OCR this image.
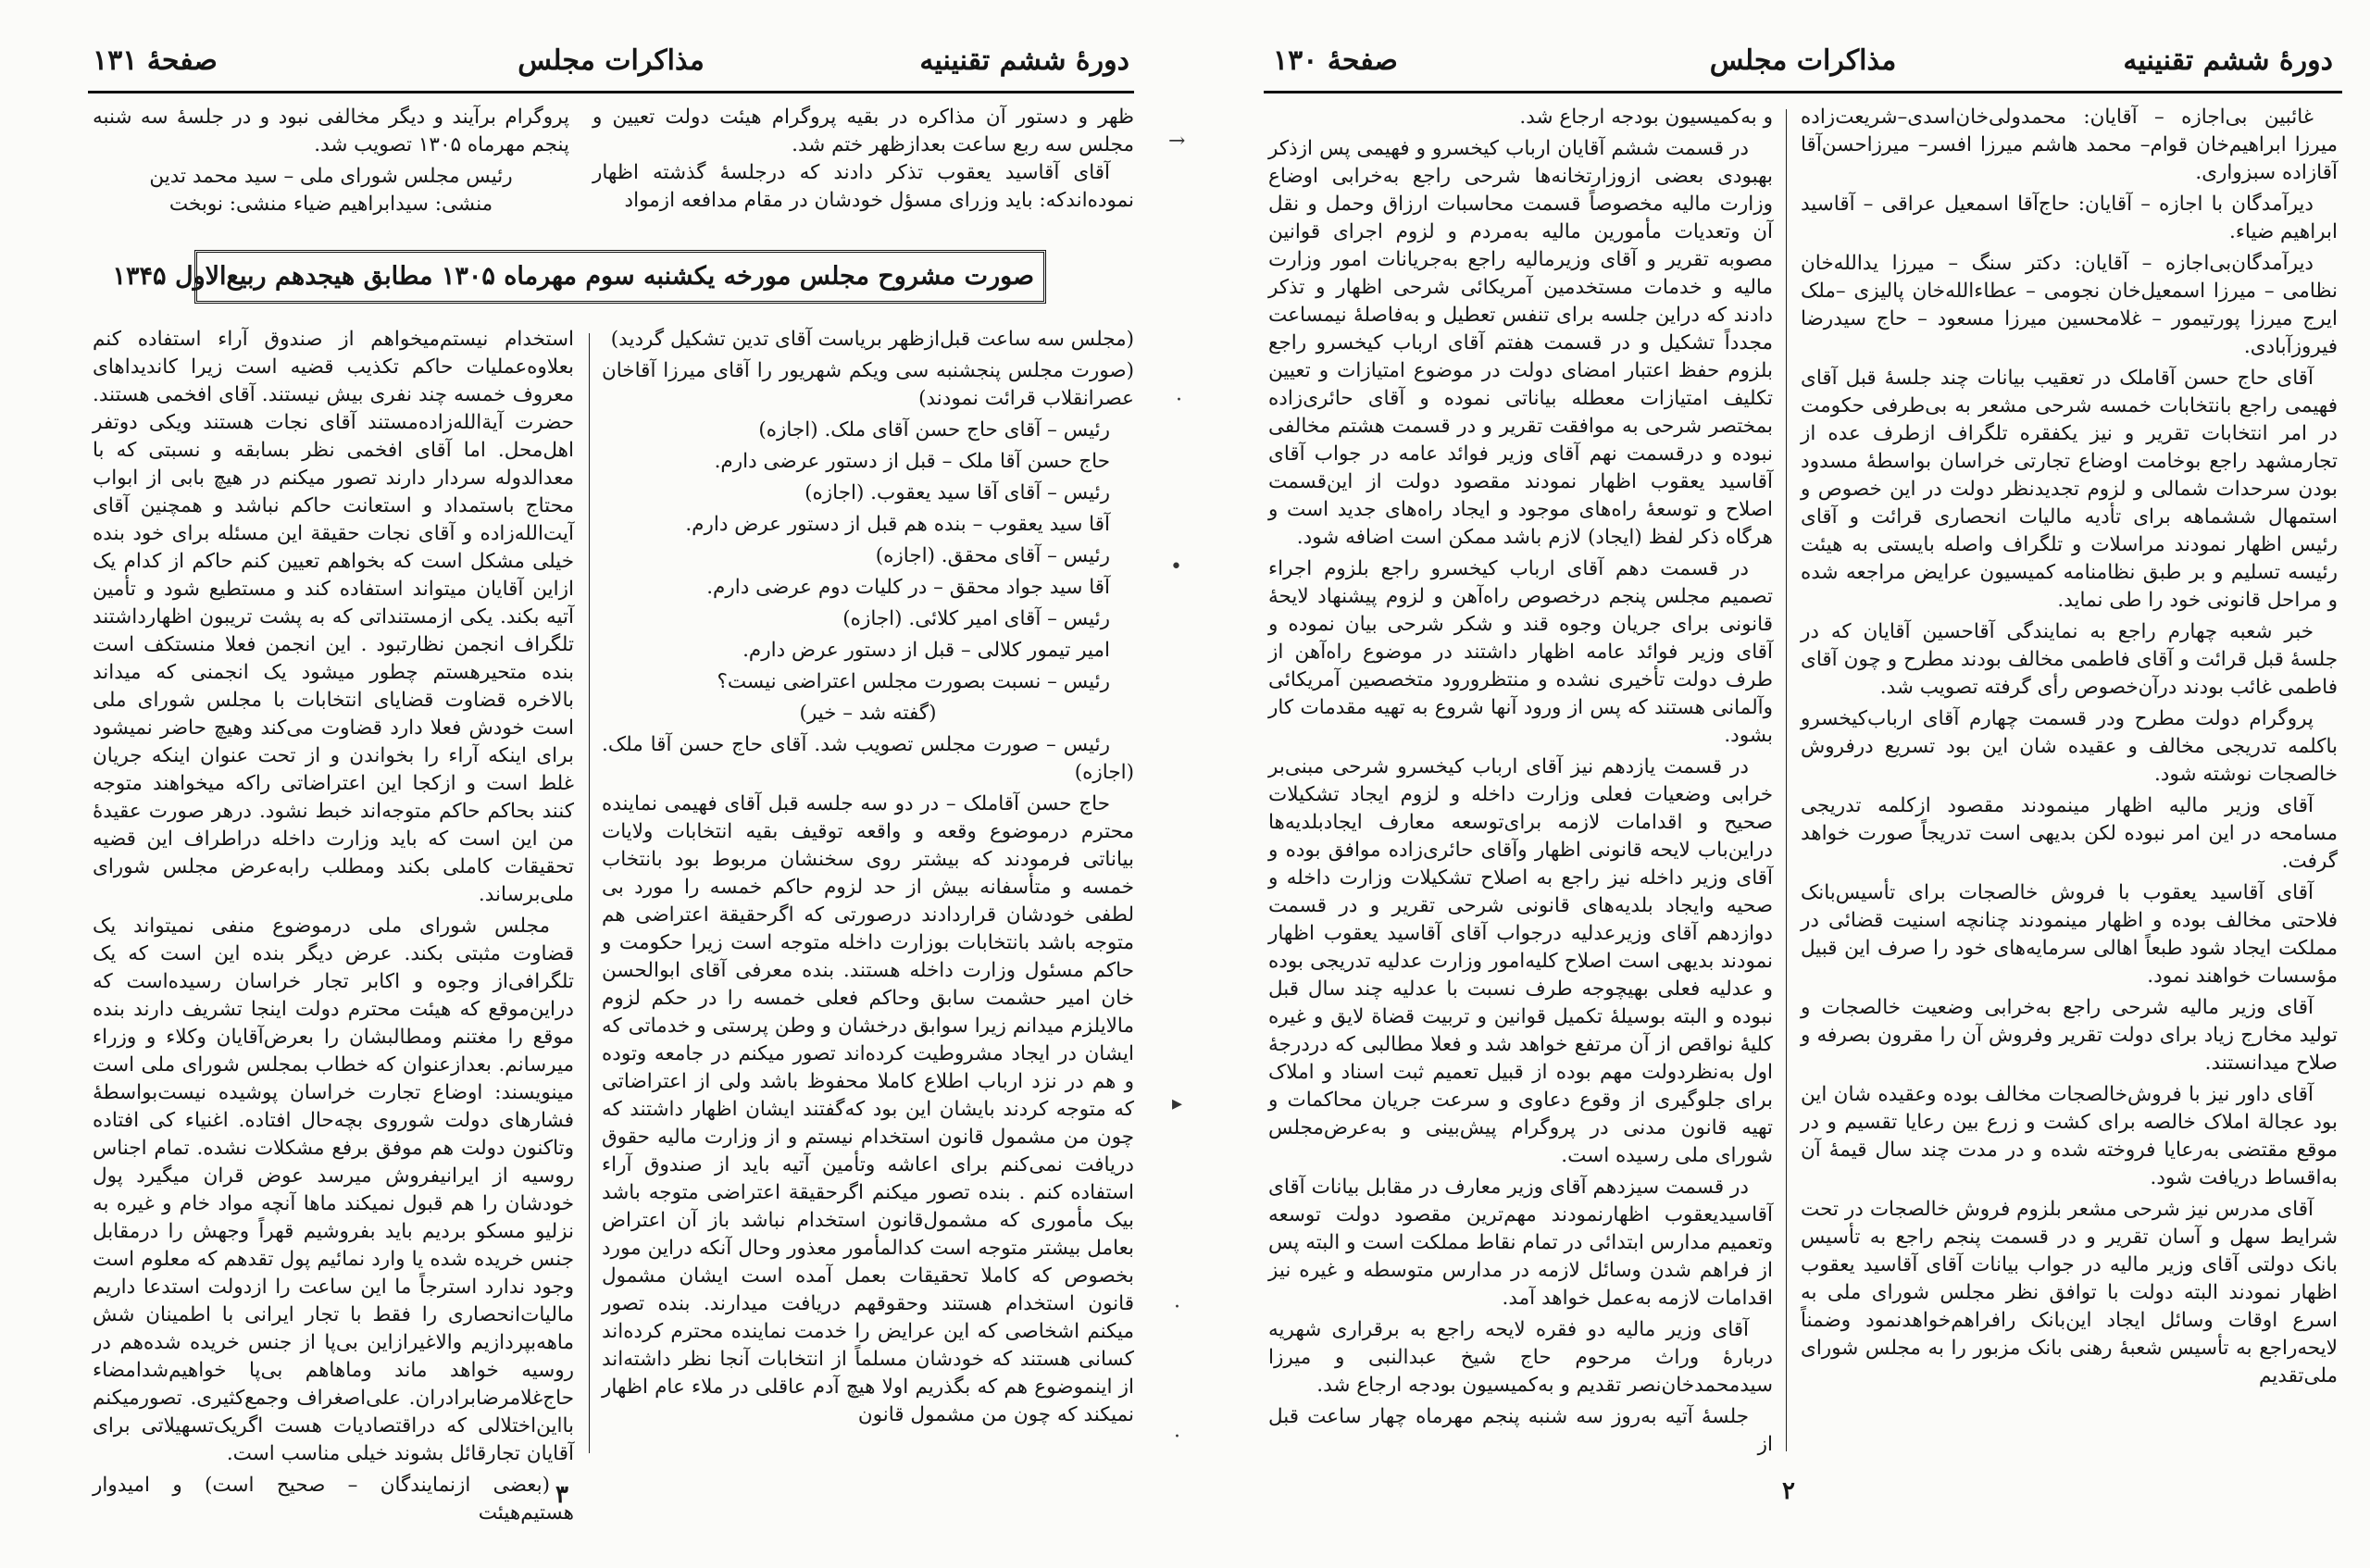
دورهٔ ششم تقنینیه
مذاکرات مجلس
صفحهٔ ۱۳۱
ظهر و دستور آن مذاکره در بقیه پروگرام هیئت دولت تعیین و مجلس سه ربع ساعت بعدازظهر ختم شد.
آقای آقاسید یعقوب تذکر دادند که درجلسهٔ گذشته اظهار نموده‌اندکه: باید وزرای مسؤل خودشان در مقام مدافعه ازمواد
پروگرام برآیند و دیگر مخالفی نبود و در جلسهٔ سه شنبه پنجم مهرماه ۱۳۰۵ تصویب شد.
رئیس مجلس شورای ملی – سید محمد تدین
منشی: سیدابراهیم ضیاء منشی: نوبخت
صورت مشروح مجلس مورخه یکشنبه سوم مهرماه ۱۳۰۵ مطابق هیجدهم ربیع‌الاول ۱۳۴۵

(مجلس سه ساعت قبل‌ازظهر بریاست آقای تدین تشکیل گردید)

(صورت مجلس پنجشنبه سی ویکم شهریور را آقای میرزا آقاخان عصرانقلاب قرائت نمودند)

رئیس – آقای حاج حسن آقای ملک. (اجازه)

حاج حسن آقا ملک – قبل از دستور عرضی دارم.

رئیس – آقای آقا سید یعقوب. (اجازه)

آقا سید یعقوب – بنده هم قبل از دستور عرض دارم.

رئیس – آقای محقق. (اجازه)

آقا سید جواد محقق – در کلیات دوم عرضی دارم.

رئیس – آقای امیر کلائی. (اجازه)

امیر تیمور کلالی – قبل از دستور عرض دارم.

رئیس – نسبت بصورت مجلس اعتراضی نیست؟

(گفته شد – خیر)

رئیس – صورت مجلس تصویب شد. آقای حاج حسن آقا ملک. (اجازه)

حاج حسن آقاملک – در دو سه جلسه قبل آقای فهیمی نماینده محترم درموضوع وقعه و واقعه توقیف بقیه انتخابات ولایات بیاناتی فرمودند که بیشتر روی سخنشان مربوط بود بانتخاب خمسه و متأسفانه بیش از حد لزوم حاکم خمسه را مورد بی لطفی خودشان قراردادند درصورتی که اگرحقیقة اعتراضی هم متوجه باشد بانتخابات بوزارت داخله متوجه است زیرا حکومت و حاکم مسئول وزارت داخله هستند. بنده معرفی آقای ابوالحسن خان امیر حشمت سابق وحاکم فعلی خمسه را در حکم لزوم مالایلزم میدانم زیرا سوابق درخشان و وطن پرستی و خدماتی که ایشان در ایجاد مشروطیت کرده‌اند تصور میکنم در جامعه وتوده و هم در نزد ارباب اطلاع کاملا محفوظ باشد ولی از اعتراضاتی که متوجه کردند بایشان این بود که‌گفتند ایشان اظهار داشتند که چون من مشمول قانون استخدام نیستم و از وزارت مالیه حقوق دریافت نمی‌کنم برای اعاشه وتأمین آتیه باید از صندوق آراء استفاده کنم . بنده تصور میکنم اگرحقیقة اعتراضی متوجه باشد بیک مأموری که مشمول‌قانون استخدام نباشد باز آن اعتراض بعامل بیشتر متوجه است کدالمأمور معذور وحال آنکه دراین مورد بخصوص که کاملا تحقیقات بعمل آمده است ایشان مشمول قانون استخدام هستند وحقوقهم دریافت میدارند. بنده تصور میکنم اشخاصی که این عرایض را خدمت نماینده محترم کرده‌اند کسانی هستند که خودشان مسلماً از انتخابات آنجا نظر داشته‌اند از اینموضوع هم که بگذریم اولا هیچ آدم عاقلی در ملاء عام اظهار نمیکند که چون من مشمول قانون

استخدام نیستم‌میخواهم از صندوق آراء استفاده کنم بعلاوه‌عملیات حاکم تکذیب قضیه است زیرا کاندیداهای معروف خمسه چند نفری بیش نیستند. آقای افخمی هستند. حضرت آیة‌الله‌زاده‌مستند آقای نجات هستند ویکی دوتفر اهل‌محل. اما آقای افخمی نظر بسابقه و نسبتی که با معدالدوله سردار دارند تصور میکنم در هیچ بابی از ابواب محتاج باستمداد و استعانت حاکم نباشد و همچنین آقای آیت‌الله‌زاده و آقای نجات حقیقة این مسئله برای خود بنده خیلی مشکل است که بخواهم تعیین کنم حاکم از کدام یک ازاین آقایان میتواند استفاده کند و مستطیع شود و تأمین آتیه بکند. یکی ازمستنداتی که به پشت تریبون اظهارداشتند تلگراف انجمن نظارتبود . این انجمن فعلا منستکف است بنده متحیرهستم چطور میشود یک انجمنی که میداند بالاخره قضاوت قضایای انتخابات با مجلس شورای ملی است خودش فعلا دارد قضاوت می‌کند وهیچ حاضر نمیشود برای اینکه آراء را بخواندن و از تحت عنوان اینکه جریان غلط است و ازکجا این اعتراضاتی راکه میخواهند متوجه کنند بحاکم حاکم متوجه‌اند خبط نشود. درهر صورت عقیدهٔ من این است که باید وزارت داخله دراطراف این قضیه تحقیقات کاملی بکند ومطلب رابه‌عرض مجلس شورای ملی‌برساند.

مجلس شورای ملی درموضوع منفی نمیتواند یک قضاوت مثبتی بکند. عرض دیگر بنده این است که یک تلگرافی‌از وجوه و اکابر تجار خراسان رسیده‌است که دراین‌موقع که هیئت محترم دولت اینجا تشریف دارند بنده موقع را مغتنم ومطالبشان را بعرض‌آقایان وکلاء و وزراء میرسانم. بعدازعنوان که خطاب بمجلس شورای ملی است مینویسند: اوضاع تجارت خراسان پوشیده نیست‌بواسطهٔ فشارهای دولت شوروی بچه‌حال افتاده. اغنیاء کی افتاده وتاکنون دولت هم موفق برفع مشکلات نشده. تمام اجناس روسیه از ایرانیفروش میرسد عوض قران میگیرد پول خودشان را هم قبول نمیکند ماها آنچه مواد خام و غیره به نزلیو مسکو بردیم باید بفروشیم قهراً وجهش را درمقابل جنس خریده شده یا وارد نمائیم پول تقدهم که معلوم است وجود ندارد استرجاً ما این ساعت را ازدولت استدعا داریم مالیات‌انحصاری را فقط با تجار ایرانی با اطمینان شش ماهه‌بپردازیم والاغیرازاین بی‌پا از جنس خریده شده‌هم در روسیه خواهد ماند وماهاهم بی‌پا خواهیم‌شدامضاء حاج‌غلامرضابرادران. علی‌اصغراف وجمع‌کثیری. تصورمیکنم بااین‌اختلالی که دراقتصادیات هست اگریک‌تسهیلاتی برای آقایان تجارقائل بشوند خیلی مناسب است.

(بعضی ازنمایندگان – صحیح است) و امیدوار هستیم‌هیئت

۳
→
·
•
▸
·
·
دورهٔ ششم تقنینیه
مذاکرات مجلس
صفحهٔ ۱۳۰

غائبین بی‌اجازه – آقایان: محمدولی‌خان‌اسدی–شریعت‌زاده میرزا ابراهیم‌خان قوام– محمد هاشم میرزا افسر– میرزاحسن‌آقا آقازاده سبزواری.

دیرآمدگان با اجازه – آقایان: حاج‌آقا اسمعیل عراقی – آقاسید ابراهیم ضیاء.

دیرآمدگان‌بی‌اجازه – آقایان: دکتر سنگ – میرزا یدالله‌خان نظامی – میرزا اسمعیل‌خان نجومی – عطاءالله‌خان پالیزی –ملک ایرج میرزا پورتیمور – غلامحسین میرزا مسعود – حاج سیدرضا فیروزآبادی.

آقای حاج حسن آقاملک در تعقیب بیانات چند جلسهٔ قبل آقای فهیمی راجع بانتخابات خمسه شرحی مشعر به بی‌طرفی حکومت در امر انتخابات تقریر و نیز یکفقره تلگراف ازطرف عده از تجارمشهد راجع بوخامت اوضاع تجارتی خراسان بواسطهٔ مسدود بودن سرحدات شمالی و لزوم تجدیدنظر دولت در این خصوص و استمهال ششماهه برای تأدیه مالیات انحصاری قرائت و آقای رئیس اظهار نمودند مراسلات و تلگراف واصله بایستی به هیئت رئیسه تسلیم و بر طبق نظامنامه کمیسیون عرایض مراجعه شده و مراحل قانونی خود را طی نماید.

خبر شعبه چهارم راجع به نمایندگی آقاحسین آقایان که در جلسهٔ قبل قرائت و آقای فاطمی مخالف بودند مطرح و چون آقای فاطمی غائب بودند درآن‌خصوص رأی گرفته تصویب شد.

پروگرام دولت مطرح ودر قسمت چهارم آقای ارباب‌کیخسرو باکلمه تدریجی مخالف و عقیده شان این بود تسریع درفروش خالصجات نوشته شود.

آقای وزیر مالیه اظهار مینمودند مقصود ازکلمه تدریجی مسامحه در این امر نبوده لکن بدیهی است تدریجاً صورت خواهد گرفت.

آقای آقاسید یعقوب با فروش خالصجات برای تأسیس‌بانک فلاحتی مخالف بوده و اظهار مینمودند چنانچه اسنیت قضائی در مملکت ایجاد شود طبعاً اهالی سرمایه‌های خود را صرف این قبیل مؤسسات خواهند نمود.

آقای وزیر مالیه شرحی راجع به‌خرابی وضعیت خالصجات و تولید مخارج زیاد برای دولت تقریر وفروش آن را مقرون بصرفه و صلاح میدانستند.

آقای داور نیز با فروش‌خالصجات مخالف بوده وعقیده شان این بود عجالة املاک خالصه برای کشت و زرع بین رعایا تقسیم و در موقع مقتضی به‌رعایا فروخته شده و در مدت چند سال قیمهٔ آن به‌اقساط دریافت شود.

آقای مدرس نیز شرحی مشعر بلزوم فروش خالصجات در تحت شرایط سهل و آسان تقریر و در قسمت پنجم راجع به تأسیس بانک دولتی آقای وزیر مالیه در جواب بیانات آقای آقاسید یعقوب اظهار نمودند البته دولت با توافق نظر مجلس شورای ملی به اسرع اوقات وسائل ایجاد این‌بانک رافراهم‌خواهدنمود وضمناً لایحه‌راجع به تأسیس شعبهٔ رهنی بانک مزبور را به مجلس شورای ملی‌تقدیم

و به‌کمیسیون بودجه ارجاع شد.

در قسمت ششم آقایان ارباب کیخسرو و فهیمی پس ازذکر بهبودی بعضی ازوزارتخانه‌ها شرحی راجع به‌خرابی اوضاع وزارت مالیه مخصوصاً قسمت محاسبات ارزاق وحمل و نقل آن وتعدیات مأمورین مالیه به‌مردم و لزوم اجرای قوانین مصوبه تقریر و آقای وزیرمالیه راجع به‌جریانات امور وزارت مالیه و خدمات مستخدمین آمریکائی شرحی اظهار و تذکر دادند که دراین جلسه برای تنفس تعطیل و به‌فاصلهٔ نیمساعت مجدداً تشکیل و در قسمت هفتم آقای ارباب کیخسرو راجع بلزوم حفظ اعتبار امضای دولت در موضوع امتیازات و تعیین تکلیف امتیازات معطله بیاناتی نموده و آقای حائری‌زاده بمختصر شرحی به موافقت تقریر و در قسمت هشتم مخالفی نبوده و درقسمت نهم آقای وزیر فوائد عامه در جواب آقای آقاسید یعقوب اظهار نمودند مقصود دولت از این‌قسمت اصلاح و توسعهٔ راه‌های موجود و ایجاد راه‌های جدید است و هرگاه ذکر لفظ (ایجاد) لازم باشد ممکن است اضافه شود.

در قسمت دهم آقای ارباب کیخسرو راجع بلزوم اجراء تصمیم مجلس پنجم درخصوص راه‌آهن و لزوم پیشنهاد لایحهٔ قانونی برای جریان وجوه قند و شکر شرحی بیان نموده و آقای وزیر فوائد عامه اظهار داشتند در موضوع راه‌آهن از طرف دولت تأخیری نشده و منتظرورود متخصصین آمریکائی وآلمانی هستند که پس از ورود آنها شروع به تهیه مقدمات کار بشود.

در قسمت یازدهم نیز آقای ارباب کیخسرو شرحی مبنی‌بر خرابی وضعیات فعلی وزارت داخله و لزوم ایجاد تشکیلات صحیح و اقدامات لازمه برای‌توسعه معارف ایجاد‌بلدیه‌ها دراین‌باب لایحه قانونی اظهار وآقای حائری‌زاده موافق بوده و آقای وزیر داخله نیز راجع به اصلاح تشکیلات وزارت داخله و صحیه وایجاد بلدیه‌های قانونی شرحی تقریر و در قسمت دوازدهم آقای وزیرعدلیه درجواب آقای آقاسید یعقوب اظهار نمودند بدیهی است اصلاح کلیه‌امور وزارت عدلیه تدریجی بوده و عدلیه فعلی بهیچوجه طرف نسبت با عدلیه چند سال قبل نبوده و البته بوسیلهٔ تکمیل قوانین و تربیت قضاة لایق و غیره کلیهٔ نواقص از آن مرتفع خواهد شد و فعلا مطالبی که دردرجهٔ اول به‌نظردولت مهم بوده از قبیل تعمیم ثبت اسناد و املاک برای جلوگیری از وقوع دعاوی و سرعت جریان محاکمات و تهیه قانون مدنی در پروگرام پیش‌بینی و به‌عرض‌مجلس شورای ملی رسیده است.

در قسمت سیزدهم آقای وزیر معارف در مقابل بیانات آقای آقاسیدیعقوب اظهارنمودند مهم‌ترین مقصود دولت توسعه وتعمیم مدارس ابتدائی در تمام نقاط مملکت است و البته پس از فراهم شدن وسائل لازمه در مدارس متوسطه و غیره نیز اقدامات لازمه به‌عمل خواهد آمد.

آقای وزیر مالیه دو فقره لایحه راجع به برقراری شهریه دربارهٔ وراث مرحوم حاج شیخ عبدالنبی و میرزا سیدمحمدخان‌نصر تقدیم و به‌کمیسیون بودجه ارجاع شد.

جلسهٔ آتیه به‌روز سه شنبه پنجم مهرماه چهار ساعت قبل از

۲
